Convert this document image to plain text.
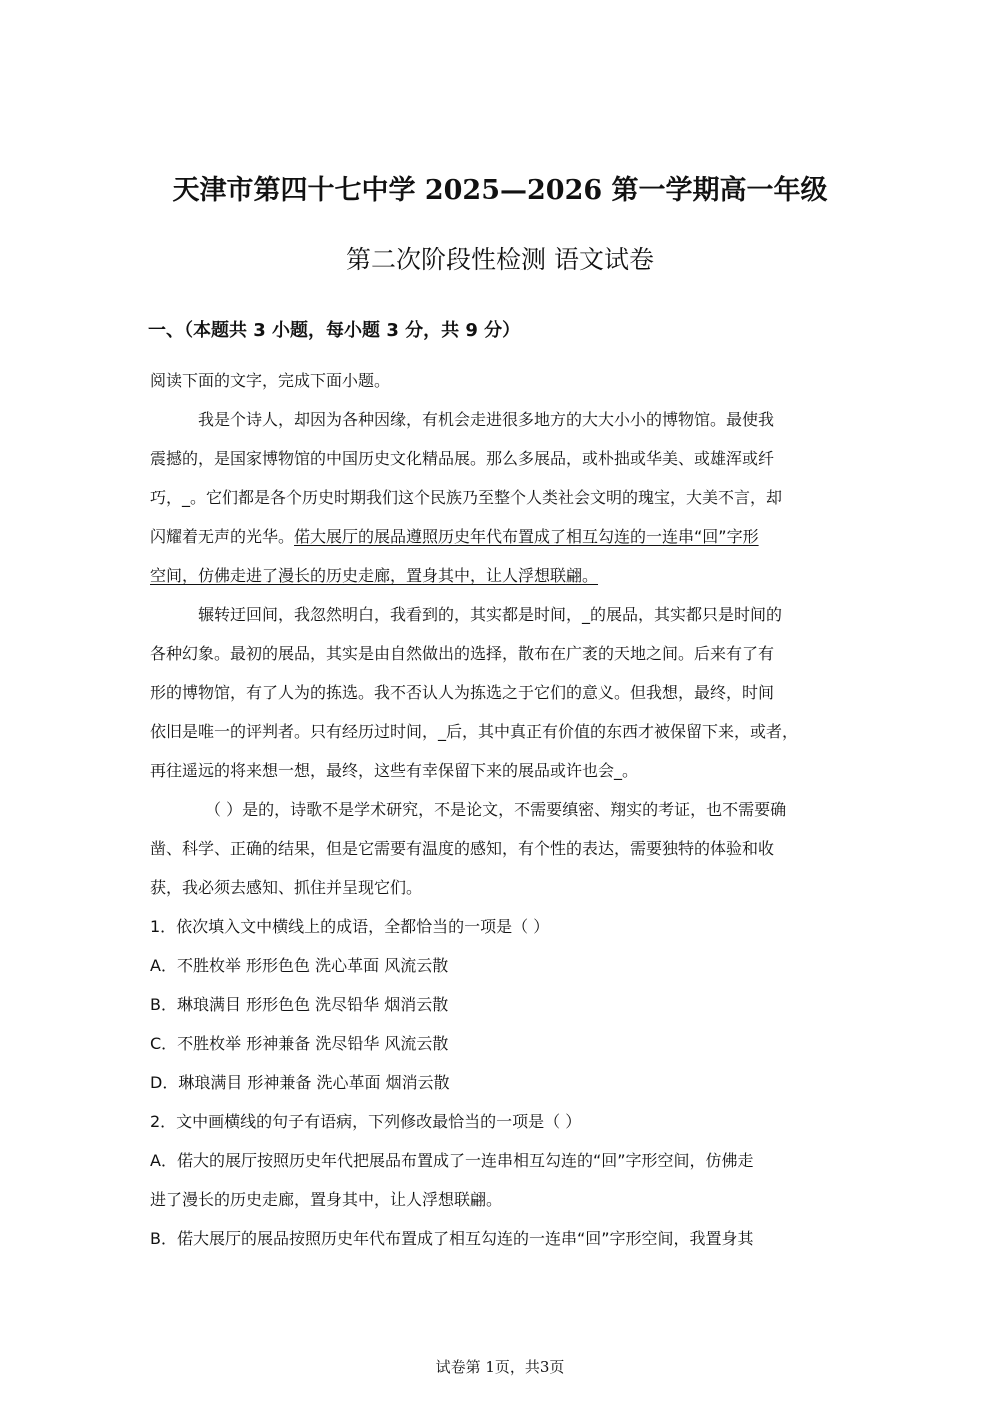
天津市第四十七中学 2025—2026 第一学期高一年级
第二次阶段性检测 语文试卷
一、（本题共 3 小题，每小题 3 分，共 9 分）
阅读下面的文字，完成下面小题。
我是个诗人，却因为各种因缘，有机会走进很多地方的大大小小的博物馆。最使我
震撼的，是国家博物馆的中国历史文化精品展。那么多展品，或朴拙或华美、或雄浑或纤
巧，_。它们都是各个历史时期我们这个民族乃至整个人类社会文明的瑰宝，大美不言，却
闪耀着无声的光华。偌大展厅的展品遵照历史年代布置成了相互勾连的一连串“回”字形
空间，仿佛走进了漫长的历史走廊，置身其中，让人浮想联翩。
辗转迂回间，我忽然明白，我看到的，其实都是时间，_的展品，其实都只是时间的
各种幻象。最初的展品，其实是由自然做出的选择，散布在广袤的天地之间。后来有了有
形的博物馆，有了人为的拣选。我不否认人为拣选之于它们的意义。但我想，最终，时间
依旧是唯一的评判者。只有经历过时间，_后，其中真正有价值的东西才被保留下来，或者，
再往遥远的将来想一想，最终，这些有幸保留下来的展品或许也会_。
（ ）是的，诗歌不是学术研究，不是论文，不需要缜密、翔实的考证，也不需要确
凿、科学、正确的结果，但是它需要有温度的感知，有个性的表达，需要独特的体验和收
获，我必须去感知、抓住并呈现它们。
1．依次填入文中横线上的成语，全都恰当的一项是（ ）
A．不胜枚举 形形色色 洗心革面 风流云散
B．琳琅满目 形形色色 洗尽铅华 烟消云散
C．不胜枚举 形神兼备 洗尽铅华 风流云散
D．琳琅满目 形神兼备 洗心革面 烟消云散
2．文中画横线的句子有语病，下列修改最恰当的一项是（ ）
A．偌大的展厅按照历史年代把展品布置成了一连串相互勾连的“回”字形空间，仿佛走
进了漫长的历史走廊，置身其中，让人浮想联翩。
B．偌大展厅的展品按照历史年代布置成了相互勾连的一连串“回”字形空间，我置身其
试卷第 1页，共3页
